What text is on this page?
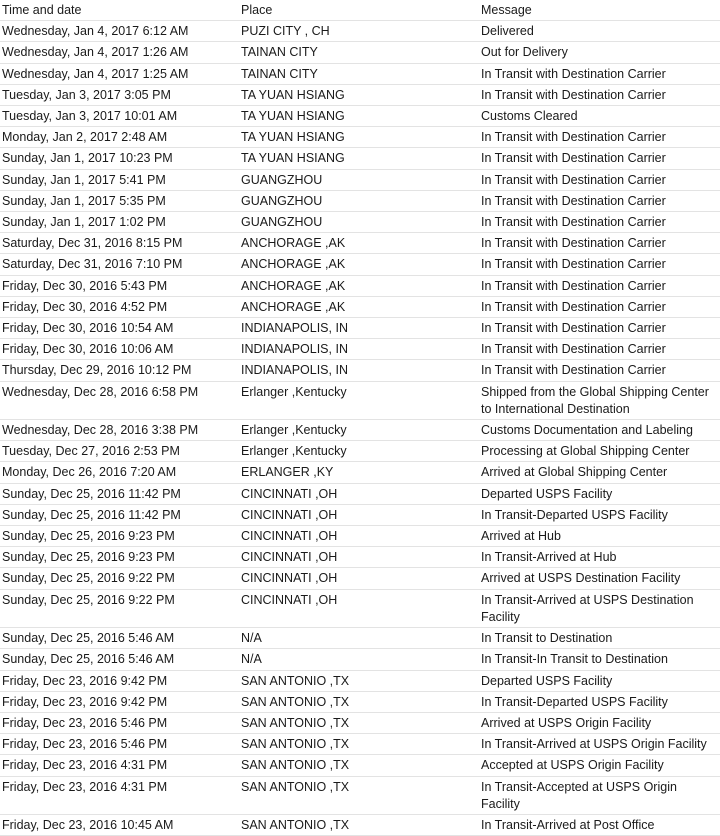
Time and date	Place	Message
Wednesday, Jan 4, 2017 6:12 AM	PUZI CITY , CH	Delivered
Wednesday, Jan 4, 2017 1:26 AM	TAINAN CITY	Out for Delivery
Wednesday, Jan 4, 2017 1:25 AM	TAINAN CITY	In Transit with Destination Carrier
Tuesday, Jan 3, 2017 3:05 PM	TA YUAN HSIANG	In Transit with Destination Carrier
Tuesday, Jan 3, 2017 10:01 AM	TA YUAN HSIANG	Customs Cleared
Monday, Jan 2, 2017 2:48 AM	TA YUAN HSIANG	In Transit with Destination Carrier
Sunday, Jan 1, 2017 10:23 PM	TA YUAN HSIANG	In Transit with Destination Carrier
Sunday, Jan 1, 2017 5:41 PM	GUANGZHOU	In Transit with Destination Carrier
Sunday, Jan 1, 2017 5:35 PM	GUANGZHOU	In Transit with Destination Carrier
Sunday, Jan 1, 2017 1:02 PM	GUANGZHOU	In Transit with Destination Carrier
Saturday, Dec 31, 2016 8:15 PM	ANCHORAGE ,AK	In Transit with Destination Carrier
Saturday, Dec 31, 2016 7:10 PM	ANCHORAGE ,AK	In Transit with Destination Carrier
Friday, Dec 30, 2016 5:43 PM	ANCHORAGE ,AK	In Transit with Destination Carrier
Friday, Dec 30, 2016 4:52 PM	ANCHORAGE ,AK	In Transit with Destination Carrier
Friday, Dec 30, 2016 10:54 AM	INDIANAPOLIS, IN	In Transit with Destination Carrier
Friday, Dec 30, 2016 10:06 AM	INDIANAPOLIS, IN	In Transit with Destination Carrier
Thursday, Dec 29, 2016 10:12 PM	INDIANAPOLIS, IN	In Transit with Destination Carrier
Wednesday, Dec 28, 2016 6:58 PM	Erlanger ,Kentucky	Shipped from the Global Shipping Center to International Destination
Wednesday, Dec 28, 2016 3:38 PM	Erlanger ,Kentucky	Customs Documentation and Labeling
Tuesday, Dec 27, 2016 2:53 PM	Erlanger ,Kentucky	Processing at Global Shipping Center
Monday, Dec 26, 2016 7:20 AM	ERLANGER ,KY	Arrived at Global Shipping Center
Sunday, Dec 25, 2016 11:42 PM	CINCINNATI ,OH	Departed USPS Facility
Sunday, Dec 25, 2016 11:42 PM	CINCINNATI ,OH	In Transit-Departed USPS Facility
Sunday, Dec 25, 2016 9:23 PM	CINCINNATI ,OH	Arrived at Hub
Sunday, Dec 25, 2016 9:23 PM	CINCINNATI ,OH	In Transit-Arrived at Hub
Sunday, Dec 25, 2016 9:22 PM	CINCINNATI ,OH	Arrived at USPS Destination Facility
Sunday, Dec 25, 2016 9:22 PM	CINCINNATI ,OH	In Transit-Arrived at USPS Destination Facility
Sunday, Dec 25, 2016 5:46 AM	N/A	In Transit to Destination
Sunday, Dec 25, 2016 5:46 AM	N/A	In Transit-In Transit to Destination
Friday, Dec 23, 2016 9:42 PM	SAN ANTONIO ,TX	Departed USPS Facility
Friday, Dec 23, 2016 9:42 PM	SAN ANTONIO ,TX	In Transit-Departed USPS Facility
Friday, Dec 23, 2016 5:46 PM	SAN ANTONIO ,TX	Arrived at USPS Origin Facility
Friday, Dec 23, 2016 5:46 PM	SAN ANTONIO ,TX	In Transit-Arrived at USPS Origin Facility
Friday, Dec 23, 2016 4:31 PM	SAN ANTONIO ,TX	Accepted at USPS Origin Facility
Friday, Dec 23, 2016 4:31 PM	SAN ANTONIO ,TX	In Transit-Accepted at USPS Origin Facility
Friday, Dec 23, 2016 10:45 AM	SAN ANTONIO ,TX	In Transit-Arrived at Post Office
